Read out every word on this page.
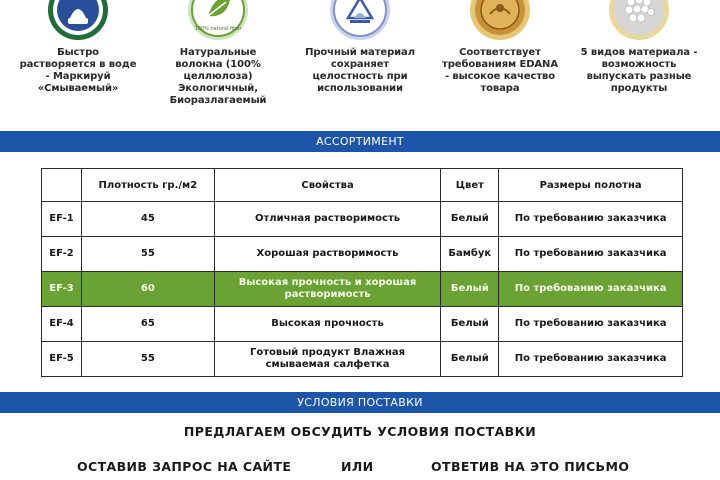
Быстро растворяется в воде - Маркируй «Смываемый»
100% natural fiber
Натуральные волокна (100% целлюлоза) Экологичный, Биоразлагаемый
Прочный материал сохраняет целостность при использовании
Соответствует требованиям EDANA - высокое качество товара
5 видов материала - возможность выпускать разные продукты
АССОРТИМЕНТ
	Плотность гр./м2	Свойства	Цвет	Размеры полотна
EF-1	45	Отличная растворимость	Белый	По требованию заказчика
EF-2	55	Хорошая растворимость	Бамбук	По требованию заказчика
EF-3	60	Высокая прочность и хорошая растворимость	Белый	По требованию заказчика
EF-4	65	Высокая прочность	Белый	По требованию заказчика
EF-5	55	Готовый продукт Влажная смываемая салфетка	Белый	По требованию заказчика
УСЛОВИЯ ПОСТАВКИ
ПРЕДЛАГАЕМ ОБСУДИТЬ УСЛОВИЯ ПОСТАВКИ
ОСТАВИВ ЗАПРОС НА САЙТЕ	ИЛИ	ОТВЕТИВ НА ЭТО ПИСЬМО
